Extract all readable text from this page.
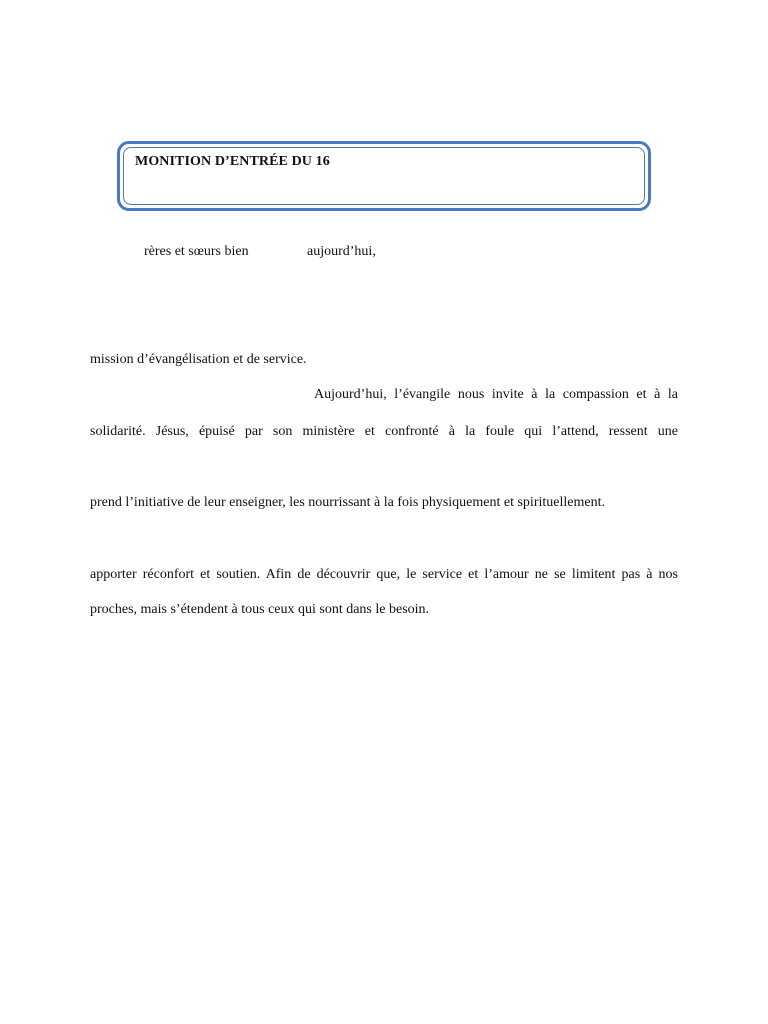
MONITION D’ENTRÉE DU 16
rères et sœurs bien	aujourd’hui,
mission d’évangélisation et de service.
Aujourd’hui, l’évangile nous invite à la compassion et à la
solidarité. Jésus, épuisé par son ministère et confronté à la foule qui l’attend, ressent une
prend l’initiative de leur enseigner, les nourrissant à la fois physiquement et spirituellement.
apporter réconfort et soutien. Afin de découvrir que, le service et l’amour ne se limitent pas à nos
proches, mais s’étendent à tous ceux qui sont dans le besoin.
